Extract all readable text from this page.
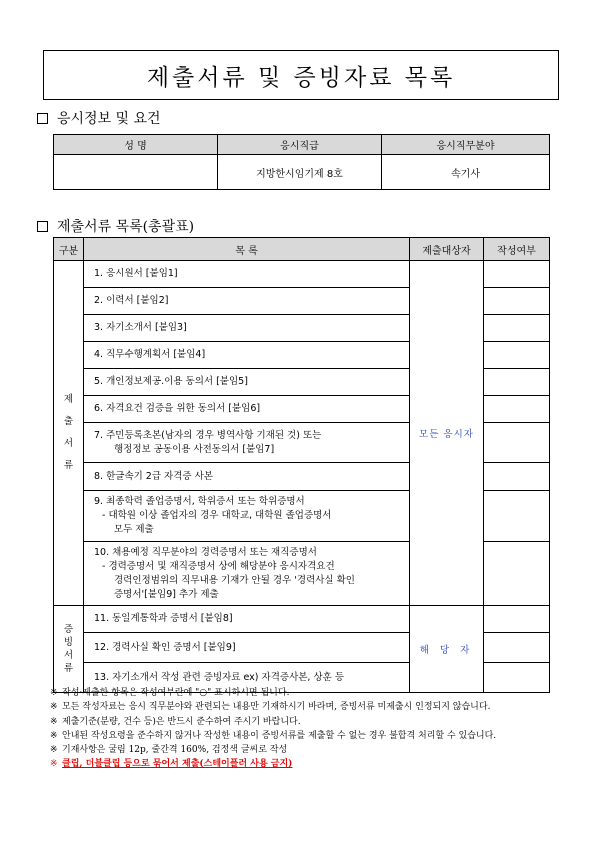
제출서류 및 증빙자료 목록
응시정보 및 요건
성 명	응시직급	응시직무분야
	지방한시임기제 8호	속기사
제출서류 목록(총괄표)
구분	목 록	제출대상자	작성여부

제
출
서
류	1. 응시원서 [붙임1]	모든 응시자	

	2. 이력서 [붙임2]		

	3. 자기소개서 [붙임3]		

	4. 직무수행계획서 [붙임4]		

	5. 개인정보제공.이용 동의서 [붙임5]		

	6. 자격요건 검증을 위한 동의서 [붙임6]		

	7. 주민등록초본(남자의 경우 병역사항 기재된 것) 또는
행정정보 공동이용 사전동의서 [붙임7]		

	8. 한글속기 2급 자격증 사본		

	9. 최종학력 졸업증명서, 학위증서 또는 학위증명서
- 대학원 이상 졸업자의 경우 대학교, 대학원 졸업증명서
모두 제출		

	10. 채용예정 직무분야의 경력증명서 또는 재직증명서
- 경력증명서 및 재직증명서 상에 해당분야 응시자격요건
경력인정범위의 직무내용 기재가 안될 경우 '경력사실 확인
증명서'[붙임9] 추가 제출		

증
빙
서
류	11. 동일계통학과 증명서 [붙임8]	해 당 자	

	12. 경력사실 확인 증명서 [붙임9]		

	13. 자기소개서 작성 관련 증빙자료 ex) 자격증사본, 상훈 등		

※ 작성·제출한 항목은 작성여부란에 "○" 표시하시면 됩니다.
※ 모든 작성자료는 응시 직무분야와 관련되는 내용만 기재하시기 바라며, 증빙서류 미제출시 인정되지 않습니다.
※ 제출기준(분량, 건수 등)은 반드시 준수하여 주시기 바랍니다.
※ 안내된 작성요령을 준수하지 않거나 작성한 내용이 증빙서류를 제출할 수 없는 경우 불합격 처리할 수 있습니다.
※ 기재사항은 굴림 12p, 줄간격 160%, 검정색 글씨로 작성
※ 클립, 더블클립 등으로 묶어서 제출(스테이플러 사용 금지)
